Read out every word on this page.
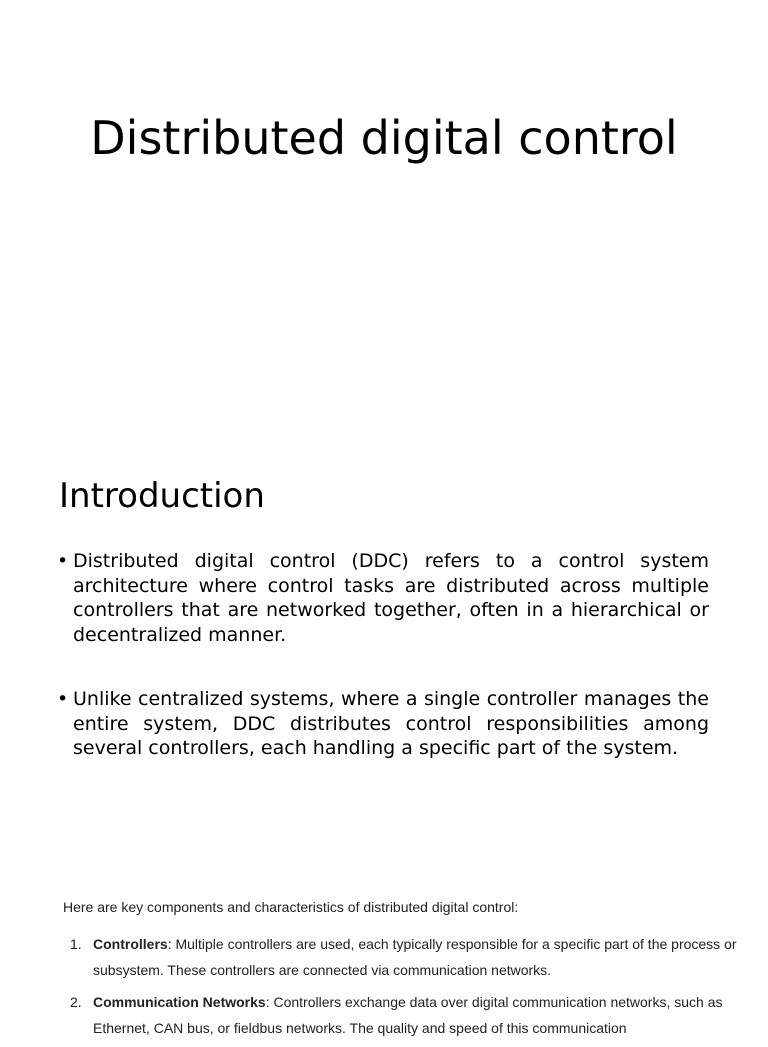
Distributed digital control
Introduction
• Distributed digital control (DDC) refers to a control system architecture where control tasks are distributed across multiple controllers that are networked together, often in a hierarchical or decentralized manner.
• Unlike centralized systems, where a single controller manages the entire system, DDC distributes control responsibilities among several controllers, each handling a specific part of the system.

Here are key components and characteristics of distributed digital control:

1. Controllers: Multiple controllers are used, each typically responsible for a specific part of the process or subsystem. These controllers are connected via communication networks.
2. Communication Networks: Controllers exchange data over digital communication networks, such as Ethernet, CAN bus, or fieldbus networks. The quality and speed of this communication
